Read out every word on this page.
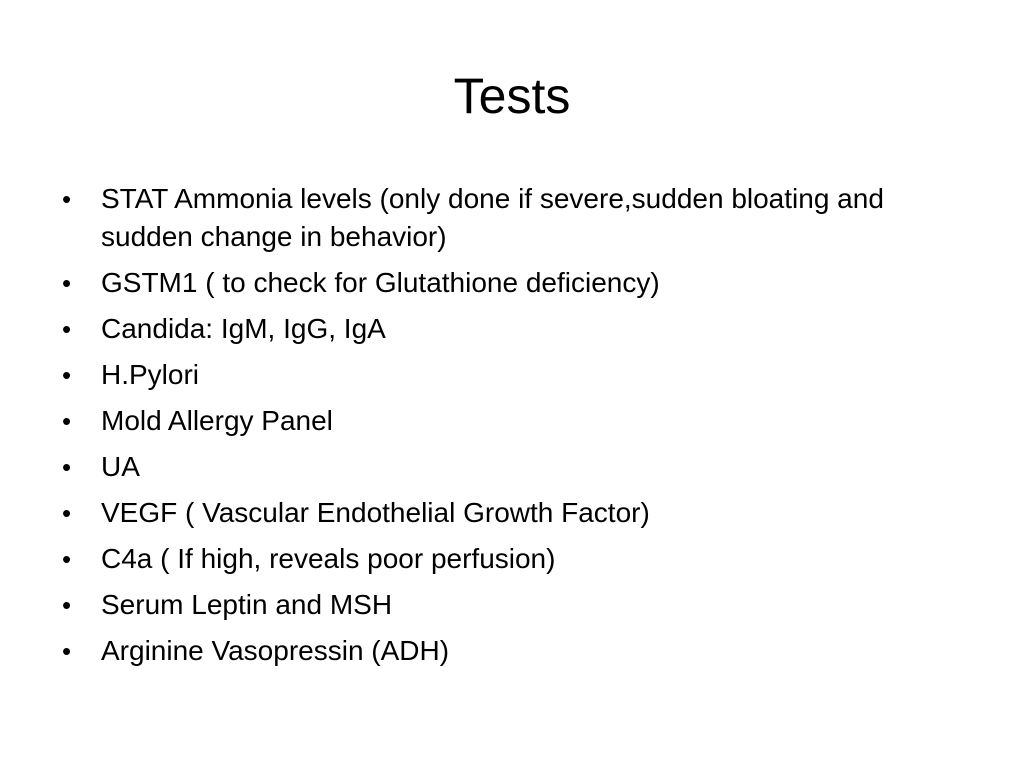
Tests
•	STAT Ammonia levels (only done if severe,sudden bloating and sudden change in behavior)
•	GSTM1 ( to check for Glutathione deficiency)
•	Candida: IgM, IgG, IgA
•	H.Pylori
•	Mold Allergy Panel
•	UA
•	VEGF ( Vascular Endothelial Growth Factor)
•	C4a ( If high, reveals poor perfusion)
•	Serum Leptin and MSH
•	Arginine Vasopressin (ADH)
